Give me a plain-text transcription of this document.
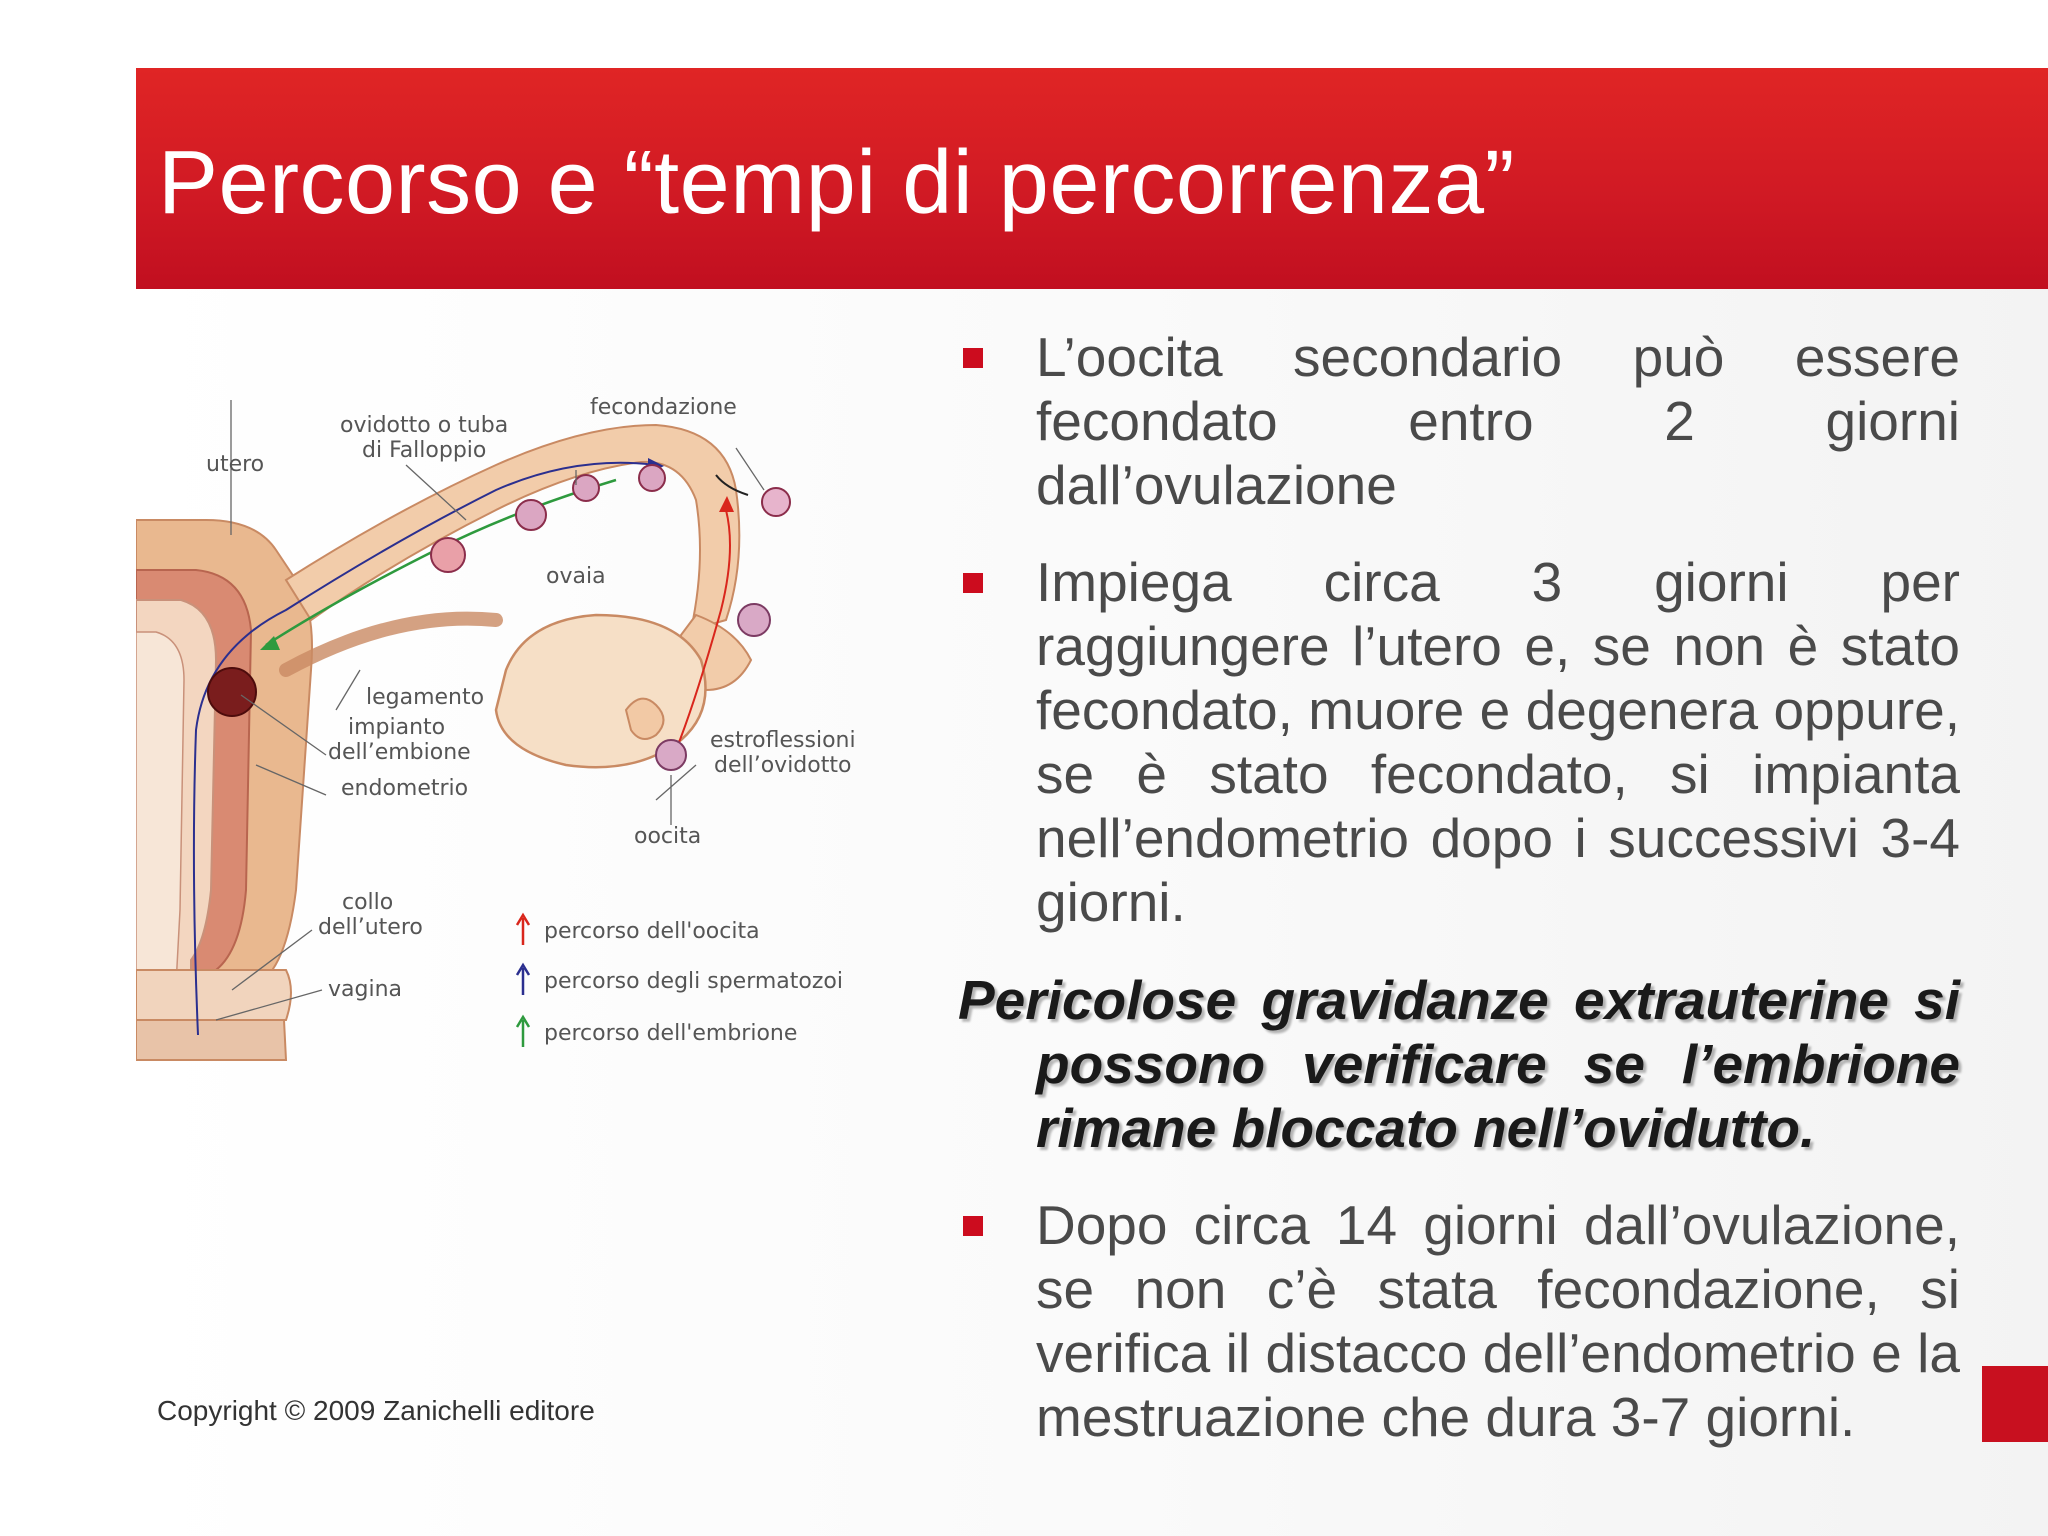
Percorso e “tempi di percorrenza”
utero
ovidotto o tuba
di Falloppio
fecondazione
ovaia
legamento
impianto
dell’embione
endometrio
estroflessioni
dell’ovidotto
oocita
collo
dell’utero
vagina
percorso dell'oocita
percorso degli spermatozoi
percorso dell'embrione
Copyright © 2009 Zanichelli editore

L’oocita secondario può essere fecondato entro 2 giorni dall’ovulazione

Impiega circa 3 giorni per raggiungere l’utero e, se non è stato fecondato, muore e degenera oppure, se è stato fecondato, si impianta nell’endometrio dopo i successivi 3-4 giorni.

Pericolose gravidanze extrauterine si possono verificare se l’embrione rimane bloccato nell’ovidutto.

Dopo circa 14 giorni dall’ovulazione, se non c’è stata fecondazione, si verifica il distacco dell’endometrio e la mestruazione che dura 3-7 giorni.
